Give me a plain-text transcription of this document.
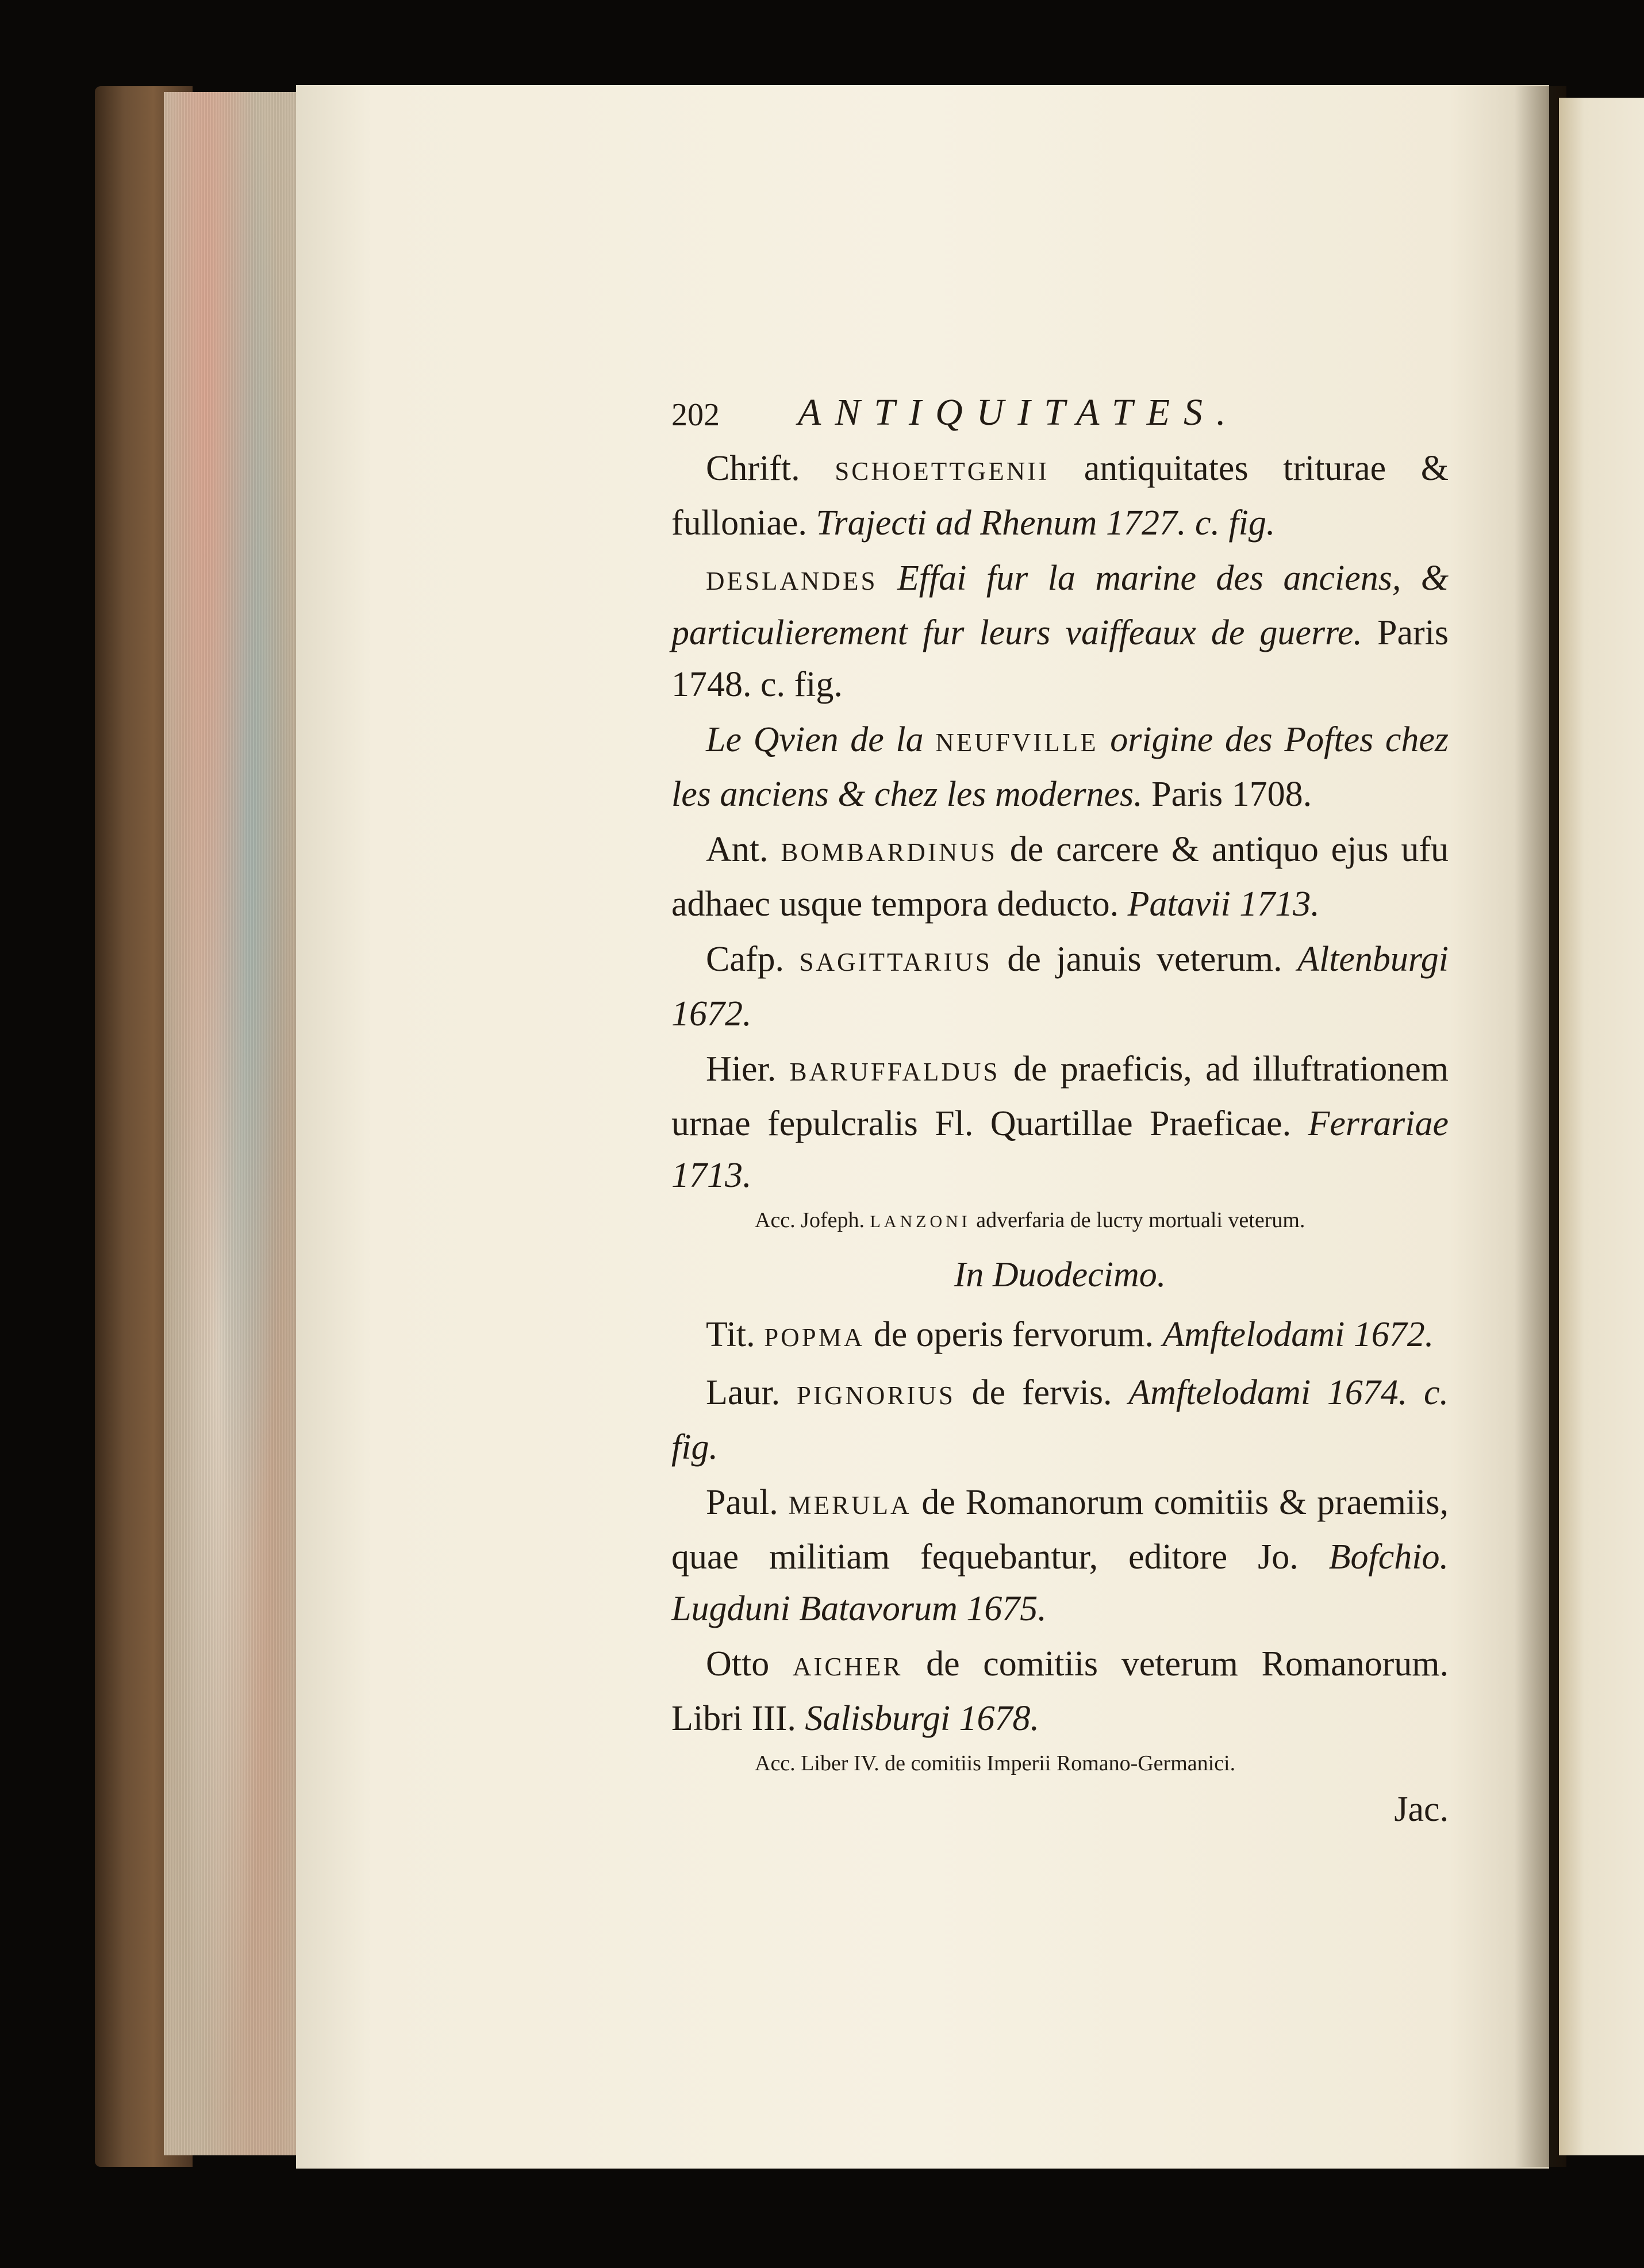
202 ANTIQUITATES.

Chrift. SCHOETTGENII antiquitates triturae & fulloniae. Trajecti ad Rhenum 1727. c. fig.

DESLANDES Effai fur la marine des anciens, & particulierement fur leurs vaiffeaux de guerre. Paris 1748. c. fig.

Le Qvien de la NEUFVILLE origine des Poftes chez les anciens & chez les modernes. Paris 1708.

Ant. BOMBARDINUS de carcere & antiquo ejus ufu adhaec usque tempora deducto. Patavii 1713.

Cafp. SAGITTARIUS de januis veterum. Altenburgi 1672.

Hier. BARUFFALDUS de praeficis, ad illuftrationem urnae fepulcralis Fl. Quartillae Praeficae. Ferrariae 1713.

Acc. Jofeph. LANZONI adverfaria de lucту mortuali veterum.

In Duodecimo.

Tit. POPMA de operis fervorum. Amftelodami 1672.

Laur. PIGNORIUS de fervis. Amftelodami 1674. c. fig.

Paul. MERULA de Romanorum comitiis & praemiis, quae militiam fequebantur, editore Jo. Bofchio. Lugduni Batavorum 1675.

Otto AICHER de comitiis veterum Romanorum. Libri III. Salisburgi 1678.

Acc. Liber IV. de comitiis Imperii Romano-Germanici.

Jac.
